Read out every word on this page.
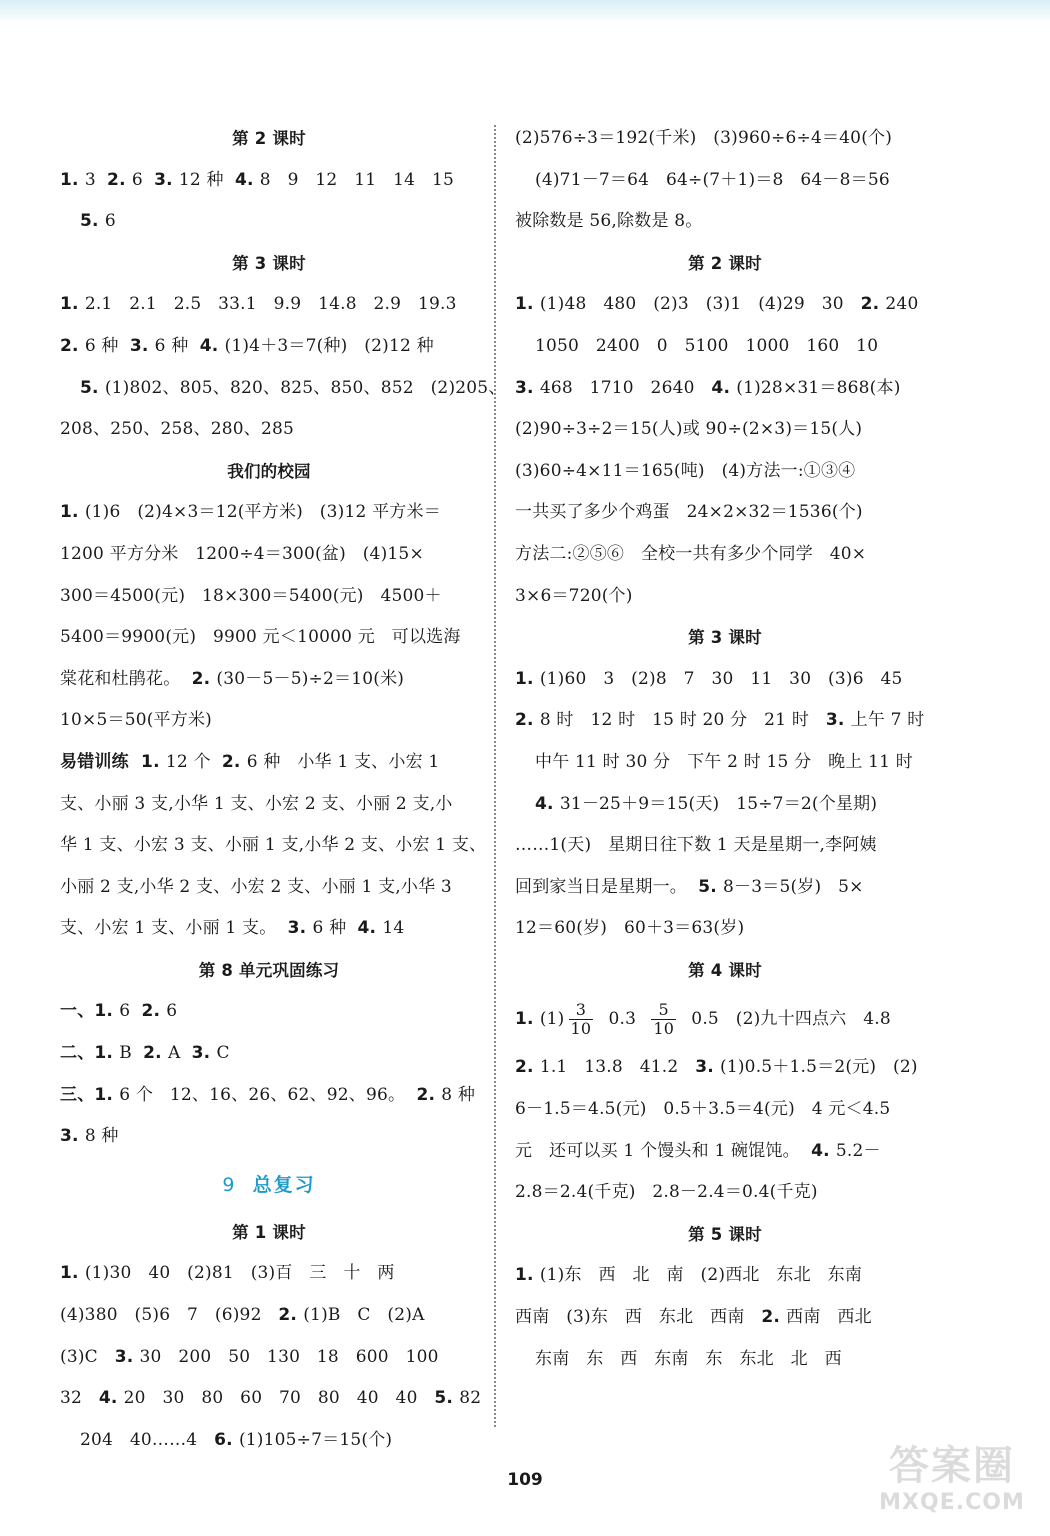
第 2 课时
1. 3  2. 6  3. 12 种  4. 8   9   12   11   14   15
5. 6
第 3 课时
1. 2.1   2.1   2.5   33.1   9.9   14.8   2.9   19.3
2. 6 种  3. 6 种  4. (1)4＋3＝7(种)   (2)12 种
5. (1)802、805、820、825、850、852   (2)205、
208、250、258、280、285
我们的校园
1. (1)6   (2)4×3＝12(平方米)   (3)12 平方米＝
1200 平方分米   1200÷4＝300(盆)   (4)15×
300＝4500(元)   18×300＝5400(元)   4500＋
5400＝9900(元)   9900 元＜10000 元   可以选海
棠花和杜鹃花。  2. (30－5－5)÷2＝10(米)
10×5＝50(平方米)
易错训练  1. 12 个  2. 6 种   小华 1 支、小宏 1
支、小丽 3 支,小华 1 支、小宏 2 支、小丽 2 支,小
华 1 支、小宏 3 支、小丽 1 支,小华 2 支、小宏 1 支、
小丽 2 支,小华 2 支、小宏 2 支、小丽 1 支,小华 3
支、小宏 1 支、小丽 1 支。  3. 6 种  4. 14
第 8 单元巩固练习
一、1. 6  2. 6
二、1. B  2. A  3. C
三、1. 6 个   12、16、26、62、92、96。  2. 8 种
3. 8 种
9 总复习
第 1 课时
1. (1)30   40   (2)81   (3)百   三   十   两
(4)380   (5)6   7   (6)92   2. (1)B   C   (2)A
(3)C   3. 30   200   50   130   18   600   100
32   4. 20   30   80   60   70   80   40   40   5. 82
204   40……4   6. (1)105÷7＝15(个)
(2)576÷3＝192(千米)   (3)960÷6÷4＝40(个)
(4)71－7＝64   64÷(7＋1)＝8   64－8＝56
被除数是 56,除数是 8。
第 2 课时
1. (1)48   480   (2)3   (3)1   (4)29   30   2. 240
1050   2400   0   5100   1000   160   10
3. 468   1710   2640   4. (1)28×31＝868(本)
(2)90÷3÷2＝15(人)或 90÷(2×3)＝15(人)
(3)60÷4×11＝165(吨)   (4)方法一:①③④
一共买了多少个鸡蛋   24×2×32＝1536(个)
方法二:②⑤⑥   全校一共有多少个同学   40×
3×6＝720(个)
第 3 课时
1. (1)60   3   (2)8   7   30   11   30   (3)6   45
2. 8 时   12 时   15 时 20 分   21 时   3. 上午 7 时
中午 11 时 30 分   下午 2 时 15 分   晚上 11 时
4. 31－25＋9＝15(天)   15÷7＝2(个星期)
……1(天)   星期日往下数 1 天是星期一,李阿姨
回到家当日是星期一。  5. 8－3＝5(岁)   5×
12＝60(岁)   60＋3＝63(岁)
第 4 课时
1. $(1) \frac{3}{10} 0.3 \frac{5}{10} 0.5$   (2)九十四点六   4.8
2. 1.1   13.8   41.2   3. (1)0.5＋1.5＝2(元)   (2)
6－1.5＝4.5(元)   0.5＋3.5＝4(元)   4 元＜4.5
元   还可以买 1 个馒头和 1 碗馄饨。  4. 5.2－
2.8＝2.4(千克)   2.8－2.4＝0.4(千克)
第 5 课时
1. (1)东   西   北   南   (2)西北   东北   东南
西南   (3)东   西   东北   西南   2. 西南   西北
东南   东   西   东南   东   东北   北   西
109	答案圈
MXQE.COM
